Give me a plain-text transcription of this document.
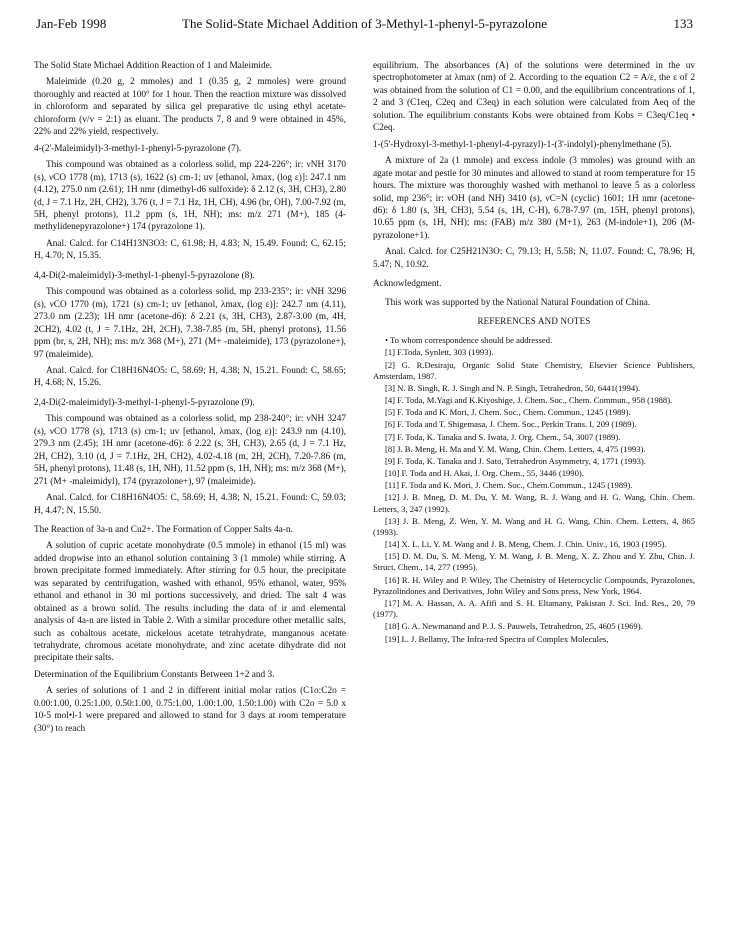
Jan-Feb 1998	The Solid-State Michael Addition of 3-Methyl-1-phenyl-5-pyrazolone	133

The Solid State Michael Addition Reaction of 1 and Maleimide.

Maleimide (0.20 g, 2 mmoles) and 1 (0.35 g, 2 mmoles) were ground thoroughly and reacted at 100° for 1 hour. Then the reaction mixture was dissolved in chloroform and separated by silica gel preparative tlc using ethyl acetate-chloroform (v/v = 2:1) as eluant. The products 7, 8 and 9 were obtained in 45%, 22% and 22% yield, respectively.

4-(2'-Maleimidyl)-3-methyl-1-phenyl-5-pyrazolone (7).

This compound was obtained as a colorless solid, mp 224-226°; ir: νNH 3170 (s), νCO 1778 (m), 1713 (s), 1622 (s) cm-1; uv [ethanol, λmax, (log ε)]: 247.1 nm (4.12), 275.0 nm (2.61); 1H nmr (dimethyl-d6 sulfoxide): δ 2.12 (s, 3H, CH3), 2.80 (d, J = 7.1 Hz, 2H, CH2), 3.76 (t, J = 7.1 Hz, 1H, CH), 4.96 (br, OH), 7.00-7.92 (m, 5H, phenyl protons), 11.2 ppm (s, 1H, NH); ms: m/z 271 (M+), 185 (4-methylidenepyrazolone+) 174 (pyrazolone 1).

Anal. Calcd. for C14H13N3O3: C, 61.98; H, 4.83; N, 15.49. Found: C, 62.15; H, 4.70; N, 15.35.

4,4-Di(2-maleimidyl)-3-methyl-1-phenyl-5-pyrazolone (8).

This compound was obtained as a colorless solid, mp 233-235°; ir: νNH 3296 (s), νCO 1770 (m), 1721 (s) cm-1; uv [ethanol, λmax, (log ε)]: 242.7 nm (4.11), 273.0 nm (2.23); 1H nmr (acetone-d6): δ 2.21 (s, 3H, CH3), 2.87-3.00 (m, 4H, 2CH2), 4.02 (t, J = 7.1Hz, 2H, 2CH), 7.38-7.85 (m, 5H, phenyl protons), 11.56 ppm (br, s, 2H, NH); ms: m/z 368 (M+), 271 (M+ -maleimide), 173 (pyrazolone+), 97 (maleimide).

Anal. Calcd. for C18H16N4O5: C, 58.69; H, 4.38; N, 15.21. Found: C, 58.65; H, 4.68; N, 15.26.

2,4-Di(2-maleimidyl)-3-methyl-1-phenyl-5-pyrazolone (9).

This compound was obtained as a colorless solid, mp 238-240°; ir: νNH 3247 (s), νCO 1778 (s), 1713 (s) cm-1; uv [ethanol, λmax, (log ε)]: 243.9 nm (4.10), 279.3 nm (2.45); 1H nmr (acetone-d6): δ 2.22 (s, 3H, CH3), 2.65 (d, J = 7.1 Hz, 2H, CH2), 3.10 (d, J = 7.1Hz, 2H, CH2), 4.02-4.18 (m, 2H, 2CH), 7.20-7.86 (m, 5H, phenyl protons), 11.48 (s, 1H, NH), 11.52 ppm (s, 1H, NH); ms: m/z 368 (M+), 271 (M+ -maleimidyl), 174 (pyrazolone+), 97 (maleimide).

Anal. Calcd. for C18H16N4O5: C, 58.69; H, 4.38; N, 15.21. Found: C, 59.03; H, 4.47; N, 15.50.

The Reaction of 3a-n and Cu2+. The Formation of Copper Salts 4a-n.

A solution of cupric acetate monohydrate (0.5 mmole) in ethanol (15 ml) was added dropwise into an ethanol solution containing 3 (1 mmole) while stirring. A brown precipitate formed immediately. After stirring for 0.5 hour, the precipitate was separated by centrifugation, washed with ethanol, 95% ethanol, water, 95% ethanol and ethanol in 30 ml portions successively, and dried. The salt 4 was obtained as a brown solid. The results including the data of ir and elemental analysis of 4a-n are listed in Table 2. With a similar procedure other metallic salts, such as cobaltous acetate, nickelous acetate tetrahydrate, manganous acetate tetrahydrate, chromous acetate monohydrate, and zinc acetate dihydrate did not precipitate their salts.

Determination of the Equilibrium Constants Between 1+2 and 3.

A series of solutions of 1 and 2 in different initial molar ratios (C1o:C2o = 0.00:1.00, 0.25:1.00, 0.50:1.00, 0.75:1.00, 1.00:1.00, 1.50:1.00) with C2o = 5.0 x 10-5 mol•l-1 were prepared and allowed to stand for 3 days at room temperature (30°) to reach

equilibrium. The absorbances (A) of the solutions were determined in the uv spectrophotometer at λmax (nm) of 2. According to the equation C2 = A/ε, the ε of 2 was obtained from the solution of C1 = 0.00, and the equilibrium concentrations of 1, 2 and 3 (C1eq, C2eq and C3eq) in each solution were calculated from Aeq of the solution. The equilibrium constants Kobs were obtained from Kobs = C3eq/C1eq • C2eq.

1-(5'-Hydroxyl-3-methyl-1-phenyl-4-pyrazyl)-1-(3'-indolyl)-phenylmethane (5).

A mixture of 2a (1 mmole) and excess indole (3 mmoles) was ground with an agate motar and pestle for 30 minutes and allowed to stand at room temperature for 15 hours. The mixture was thoroughly washed with methanol to leave 5 as a colorless solid, mp 236°; ir: νOH (and NH) 3410 (s), νC=N (cyclic) 1601; 1H nmr (acetone-d6): δ 1.80 (s, 3H, CH3), 5.54 (s, 1H, C-H), 6.78-7.97 (m, 15H, phenyl protons), 10.65 ppm (s, 1H, NH); ms: (FAB) m/z 380 (M+1), 263 (M-indole+1), 206 (M-pyrazolone+1).

Anal. Calcd. for C25H21N3O: C, 79.13; H, 5.58; N, 11.07. Found: C, 78.96; H, 5.47; N, 10.92.

Acknowledgment.

This work was supported by the National Natural Foundation of China.

REFERENCES AND NOTES

• To whom correspondence should be addressed.

[1] F.Toda, Synlett, 303 (1993).

[2] G. R.Desiraju, Organic Solid State Chemistry, Elsevier Science Publishers, Amsterdam, 1987.

[3] N. B. Singh, R. J. Singh and N. P. Singh, Tetrahedron, 50, 6441(1994).

[4] F. Toda, M.Yagi and K.Kiyoshige, J. Chem. Soc., Chem. Commun., 958 (1988).

[5] F. Toda and K. Mori, J. Chem. Soc., Chem. Commun., 1245 (1989).

[6] F. Toda and T. Shigemasa, J. Chem. Soc., Perkin Trans. I, 209 (1989).

[7] F. Toda, K. Tanaka and S. Iwata, J. Org. Chem., 54, 3007 (1989).

[8] J. B. Meng, H. Ma and Y. M. Wang, Chin. Chem. Letters, 4, 475 (1993).

[9] F. Toda, K. Tanaka and J. Sato, Tetrahedron Asymmetry, 4, 1771 (1993).

[10] F. Toda and H. Akai, J. Org. Chem., 55, 3446 (1990).

[11] F. Toda and K. Mori, J. Chem. Soc., Chem.Commun., 1245 (1989).

[12] J. B. Mneg, D. M. Du, Y. M. Wang, R. J. Wang and H. G. Wang, Chin. Chem. Letters, 3, 247 (1992).

[13] J. B. Meng, Z. Wen, Y. M. Wang and H. G. Wang, Chin. Chem. Letters, 4, 865 (1993).

[14] X. L. Li, Y. M. Wang and J. B. Meng, Chem. J. Chin. Univ., 16, 1903 (1995).

[15] D. M. Du, S. M. Meng, Y. M. Wang, J. B. Meng, X. Z. Zhou and Y. Zhu, Chin. J. Struct. Chem., 14, 277 (1995).

[16] R. H. Wiley and P. Wiley, The Chemistry of Heterocyclic Compounds, Pyrazolones, Pyrazolindones and Derivatives, John Wiley and Sons press, New York, 1964.

[17] M. A. Hassan, A. A. Afifi and S. H. Eltamany, Pakistan J. Sci. Ind. Res., 20, 79 (1977).

[18] G. A. Newmanand and P. J. S. Pauwels, Tetrahedron, 25, 4605 (1969).

[19] L. J. Bellamy, The Infra-red Spectra of Complex Molecules,
